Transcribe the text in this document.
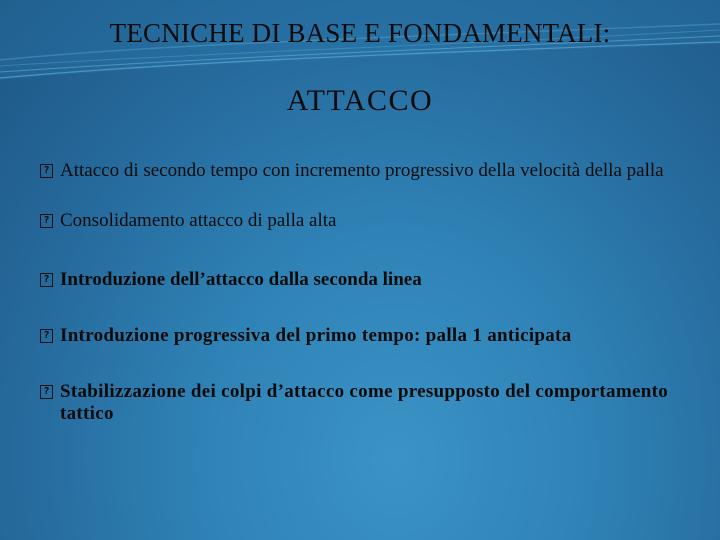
TECNICHE DI BASE E FONDAMENTALI:
ATTACCO
?
Attacco di secondo tempo con incremento progressivo della velocità della palla
?
Consolidamento attacco di palla alta
?
Introduzione dell’attacco dalla seconda linea
?
Introduzione progressiva del primo tempo: palla 1 anticipata
?
Stabilizzazione dei colpi d’attacco come presupposto del comportamento tattico
